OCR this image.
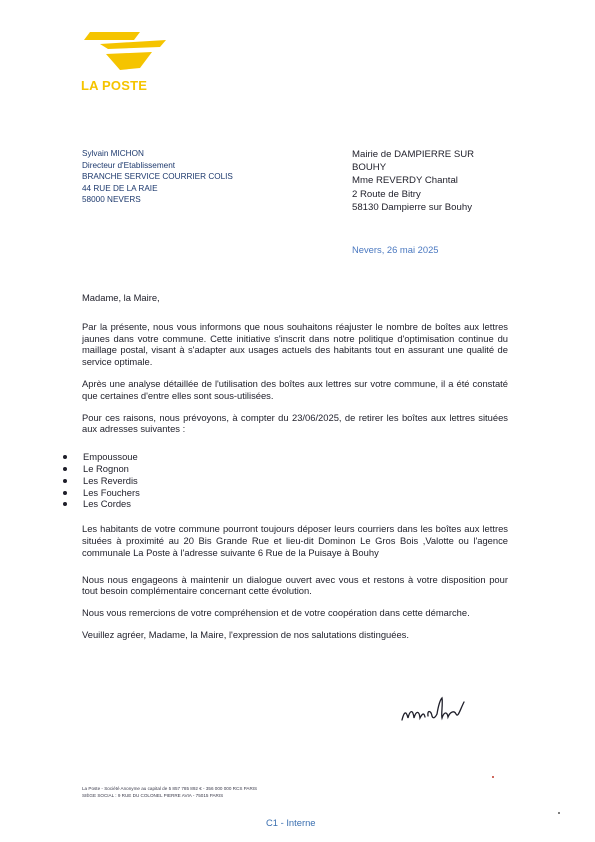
LA POSTE
Sylvain MICHON
Directeur d'Etablissement
BRANCHE SERVICE COURRIER COLIS
44 RUE DE LA RAIE
58000 NEVERS
Mairie de DAMPIERRE SUR
BOUHY
Mme REVERDY Chantal
2 Route de Bitry
58130 Dampierre sur Bouhy
Nevers, 26 mai 2025

Madame, la Maire,

Par la présente, nous vous informons que nous souhaitons réajuster le nombre de boîtes aux lettres jaunes dans votre commune. Cette initiative s'inscrit dans notre politique d'optimisation continue du maillage postal, visant à s'adapter aux usages actuels des habitants tout en assurant une qualité de service optimale.

Après une analyse détaillée de l'utilisation des boîtes aux lettres sur votre commune, il a été constaté que certaines d'entre elles sont sous-utilisées.

Pour ces raisons, nous prévoyons, à compter du 23/06/2025, de retirer les boîtes aux lettres situées aux adresses suivantes :

Empoussoue
Le Rognon
Les Reverdis
Les Fouchers
Les Cordes

Les habitants de votre commune pourront toujours déposer leurs courriers dans les boîtes aux lettres situées à proximité au 20 Bis Grande Rue et lieu-dit Dominon Le Gros Bois ,Valotte ou l'agence communale La Poste à l'adresse suivante 6 Rue de la Puisaye à Bouhy

Nous nous engageons à maintenir un dialogue ouvert avec vous et restons à votre disposition pour tout besoin complémentaire concernant cette évolution.

Nous vous remercions de votre compréhension et de votre coopération dans cette démarche.

Veuillez agréer, Madame, la Maire, l'expression de nos salutations distinguées.

La Poste - Société Anonyme au capital de 5 857 785 892 € - 356 000 000 RCS PARIS
SIÈGE SOCIAL : 9 RUE DU COLONEL PIERRE AVIA - 75015 PARIS
C1 - Interne
